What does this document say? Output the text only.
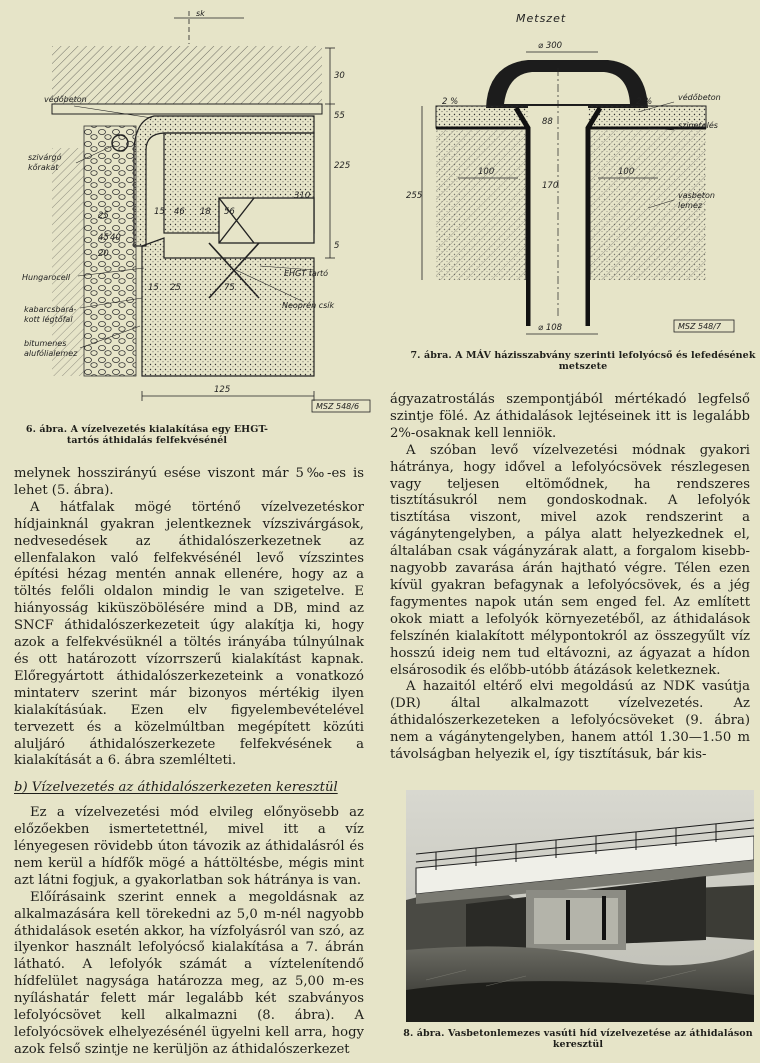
sk
védőbeton
szivárgó
kőrakat
Hungarocell
kabarcsbará-
kott légtőfal
bitumenes
alufólialemez
EHGT tartó
Neoprén csík
MSZ 548/6
30
55
225
310
25
45
20
40
15 46 18 56
15 25	75
125
5
6. ábra. A vízelvezetés kialakítása egy EHGT-tartós áthidalás felfekvésénél
Metszet
⌀ 300
2 %	2 %	védőbeton
szigetelés
vasbeton
lemez
⌀ 108	MSZ 548/7
255
100	100
170
88
7. ábra. A MÁV házisszabvány szerinti lefolyócső és lefedésének metszete

melynek hosszirányú esése viszont már 5‰-es is lehet (5. ábra).

A hátfalak mögé történő vízelvezetéskor hídjainknál gyakran jelentkeznek vízszivárgások, nedvesedések az áthidalószerkezetnek az ellenfalakon való felfekvésénél levő vízszintes építési hézag mentén annak ellenére, hogy az a töltés felőli oldalon mindig le van szigetelve. E hiányosság kiküszöbölésére mind a DB, mind az SNCF áthidalószerkezeteit úgy alakítja ki, hogy azok a felfekvésüknél a töltés irányába túlnyúlnak és ott határozott vízorrszerű kialakítást kapnak. Előregyártott áthidalószerkezeteink a vonatkozó mintaterv szerint már bizonyos mértékig ilyen kialakításúak. Ezen elv figyelembevételével tervezett és a közelmúltban megépített közúti aluljáró áthidalószerkezete felfekvésének a kialakítását a 6. ábra szemlélteti.

b) Vízelvezetés az áthidalószerkezeten keresztül

Ez a vízelvezetési mód elvileg előnyösebb az előzőekben ismertetettnél, mivel itt a víz lényegesen rövidebb úton távozik az áthidalásról és nem kerül a hídfők mögé a háttöltésbe, mégis mint azt látni fogjuk, a gyakorlatban sok hátránya is van.

Előírásaink szerint ennek a megoldásnak az alkalmazására kell törekedni az 5,0 m-nél nagyobb áthidalások esetén akkor, ha vízfolyásról van szó, az ilyenkor használt lefolyócső kialakítása a 7. ábrán látható. A lefolyók számát a víztelenítendő hídfelület nagysága határozza meg, az 5,00 m-es nyíláshatár felett már legalább két szabványos lefolyócsövet kell alkalmazni (8. ábra). A lefolyócsövek elhelyezésénél ügyelni kell arra, hogy azok felső szintje ne kerüljön az áthidalószerkezet

ágyazatrostálás szempontjából mértékadó legfelső szintje fölé. Az áthidalások lejtéseinek itt is legalább 2%-osaknak kell lenniök.

A szóban levő vízelvezetési módnak gyakori hátránya, hogy idővel a lefolyócsövek részlegesen vagy teljesen eltömődnek, ha rendszeres tisztításukról nem gondoskodnak. A lefolyók tisztítása viszont, mivel azok rendszerint a vágánytengelyben, a pálya alatt helyezkednek el, általában csak vágányzárak alatt, a forgalom kisebb-nagyobb zavarása árán hajtható végre. Télen ezen kívül gyakran befagynak a lefolyócsövek, és a jég fagymentes napok után sem enged fel. Az említett okok miatt a lefolyók környezetéből, az áthidalások felszínén kialakított mélypontokról az összegyűlt víz hosszú ideig nem tud eltávozni, az ágyazat a hídon elsárosodik és előbb-utóbb átázások keletkeznek.

A hazaitól eltérő elvi megoldású az NDK vasútja (DR) által alkalmazott vízelvezetés. Az áthidalószerkezeteken a lefolyócsöveket (9. ábra) nem a vágánytengelyben, hanem attól 1.30—1.50 m távolságban helyezik el, így tisztításuk, bár kis-

8. ábra. Vasbetonlemezes vasúti híd vízelvezetése az áthidaláson keresztül
